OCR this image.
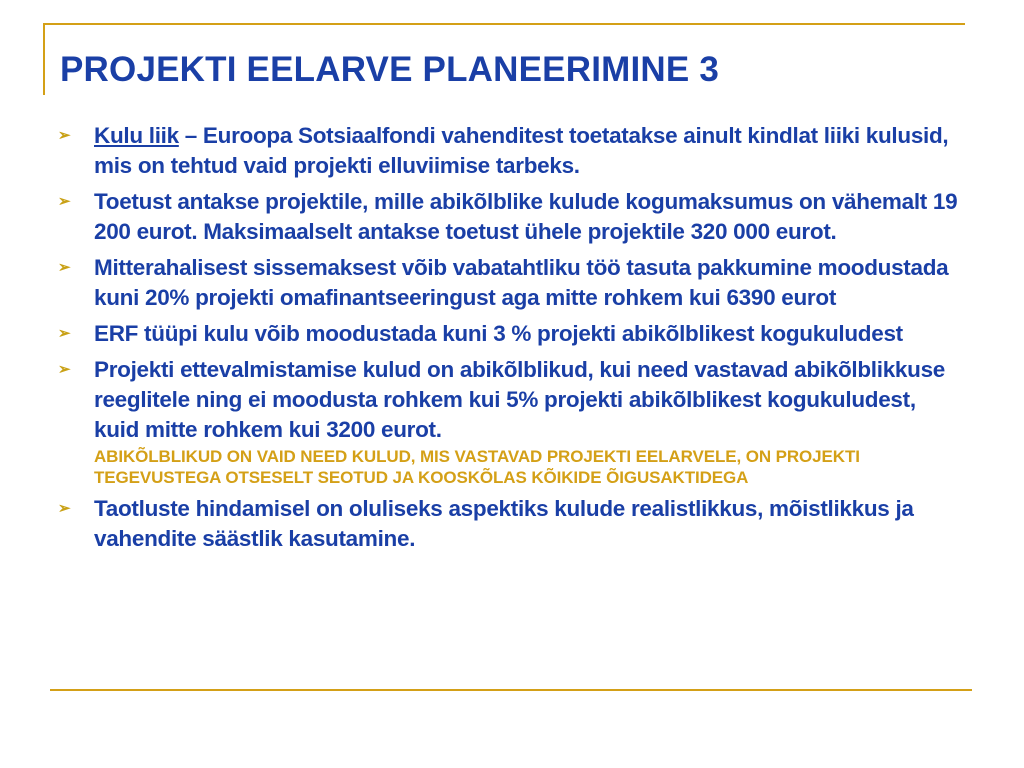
PROJEKTI EELARVE PLANEERIMINE 3
➢ Kulu liik – Euroopa Sotsiaalfondi vahenditest toetatakse ainult kindlat liiki kulusid, mis on tehtud vaid projekti elluviimise tarbeks.
➢ Toetust antakse projektile, mille abikõlblike kulude kogumaksumus on vähemalt 19 200 eurot. Maksimaalselt antakse toetust ühele projektile 320 000 eurot.
➢ Mitterahalisest sissemaksest võib vabatahtliku töö tasuta pakkumine moodustada kuni 20% projekti omafinantseeringust aga mitte rohkem kui 6390 eurot
➢ ERF tüüpi kulu võib moodustada kuni 3 % projekti abikõlblikest kogukuludest
➢ Projekti ettevalmistamise kulud on abikõlblikud, kui need vastavad abikõlblikkuse reeglitele ning ei moodusta rohkem kui 5% projekti abikõlblikest kogukuludest, kuid mitte rohkem kui 3200 eurot.
ABIKÕLBLIKUD ON VAID NEED KULUD, MIS VASTAVAD PROJEKTI EELARVELE, ON PROJEKTI TEGEVUSTEGA OTSESELT SEOTUD JA KOOSKÕLAS KÕIKIDE ÕIGUSAKTIDEGA
➢ Taotluste hindamisel on oluliseks aspektiks kulude realistlikkus, mõistlikkus ja vahendite säästlik kasutamine.
